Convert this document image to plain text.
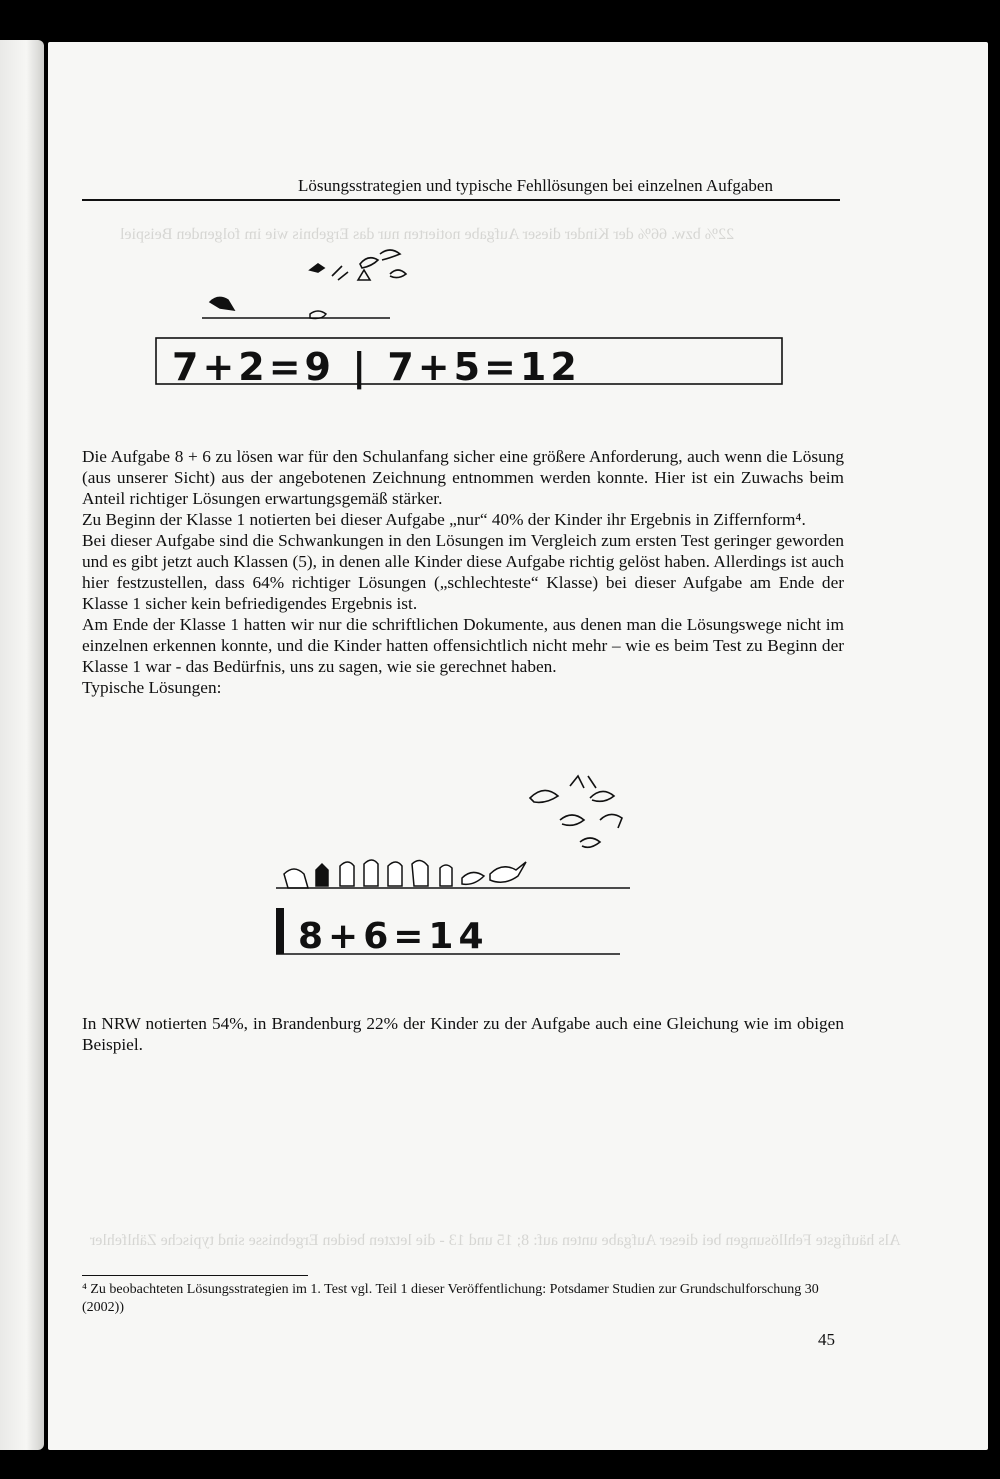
22% bzw. 66% der Kinder dieser Aufgabe notierten nur das Ergebnis wie im folgenden Beispiel
Als häufigste Fehllösungen bei dieser Aufgabe unten auf: 8; 15 und 13 - die letzten beiden Ergebnisse sind typische Zählfehler
Lösungsstrategien und typische Fehllösungen bei einzelnen Aufgaben
7+2=9 | 7+5=12

Die Aufgabe 8 + 6 zu lösen war für den Schulanfang sicher eine größere Anforderung, auch wenn die Lösung (aus unserer Sicht) aus der angebotenen Zeichnung entnommen werden konnte. Hier ist ein Zuwachs beim Anteil richtiger Lösungen erwartungsgemäß stärker.

Zu Beginn der Klasse 1 notierten bei dieser Aufgabe „nur“ 40% der Kinder ihr Ergebnis in Ziffernform⁴.

Bei dieser Aufgabe sind die Schwankungen in den Lösungen im Vergleich zum ersten Test geringer geworden und es gibt jetzt auch Klassen (5), in denen alle Kinder diese Aufgabe richtig gelöst haben. Allerdings ist auch hier festzustellen, dass 64% richtiger Lösungen („schlechteste“ Klasse) bei dieser Aufgabe am Ende der Klasse 1 sicher kein befriedigendes Ergebnis ist.

Am Ende der Klasse 1 hatten wir nur die schriftlichen Dokumente, aus denen man die Lösungswege nicht im einzelnen erkennen konnte, und die Kinder hatten offensichtlich nicht mehr – wie es beim Test zu Beginn der Klasse 1 war - das Bedürfnis, uns zu sagen, wie sie gerechnet haben.

Typische Lösungen:

8+6=14
In NRW notierten 54%, in Brandenburg 22% der Kinder zu der Aufgabe auch eine Gleichung wie im obigen Beispiel.
⁴ Zu beobachteten Lösungsstrategien im 1. Test vgl. Teil 1 dieser Veröffentlichung: Potsdamer Studien zur Grundschulforschung 30 (2002))
45
